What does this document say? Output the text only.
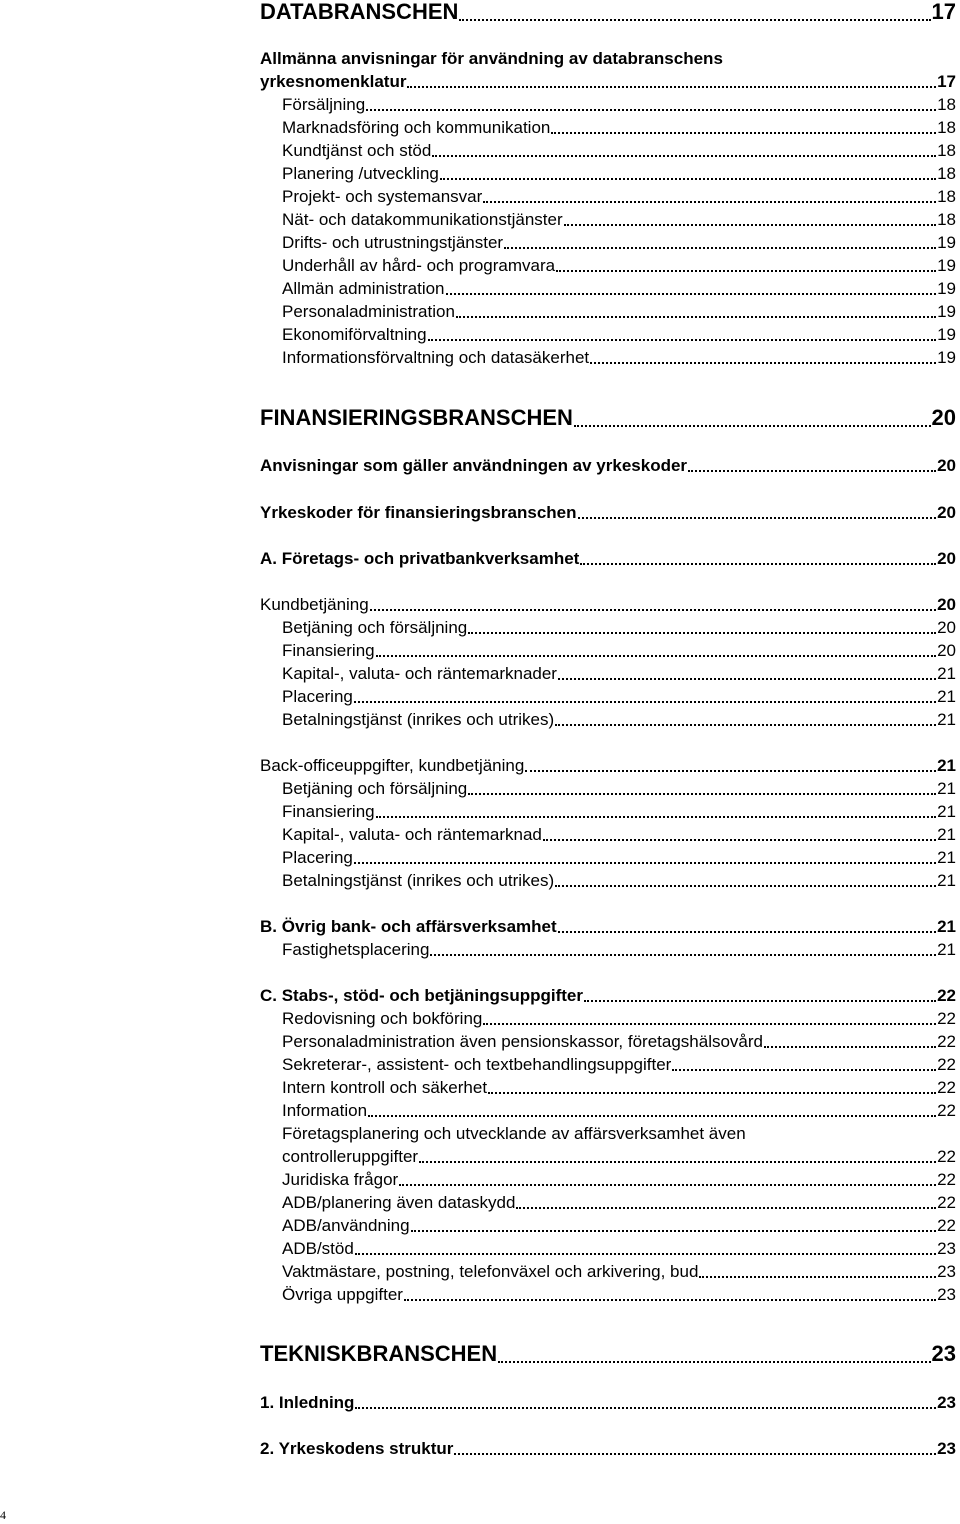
DATABRANSCHEN	17
Allmänna anvisningar för användning av databranschens
yrkesnomenklatur	17
Försäljning	18
Marknadsföring och kommunikation	18
Kundtjänst och stöd	18
Planering /utveckling	18
Projekt- och systemansvar	18
Nät- och datakommunikationstjänster	18
Drifts- och utrustningstjänster	19
Underhåll av hård- och programvara	19
Allmän administration	19
Personaladministration	19
Ekonomiförvaltning	19
Informationsförvaltning och datasäkerhet	19
FINANSIERINGSBRANSCHEN	20
Anvisningar som gäller användningen av yrkeskoder	20
Yrkeskoder för finansieringsbranschen	20
A. Företags- och privatbankverksamhet	20
Kundbetjäning	20
Betjäning och försäljning	20
Finansiering	20
Kapital-, valuta- och räntemarknader	21
Placering	21
Betalningstjänst (inrikes och utrikes)	21
Back-officeuppgifter, kundbetjäning	21
Betjäning och försäljning	21
Finansiering	21
Kapital-, valuta- och räntemarknad	21
Placering	21
Betalningstjänst (inrikes och utrikes)	21
B. Övrig bank- och affärsverksamhet	21
Fastighetsplacering	21
C. Stabs-, stöd- och betjäningsuppgifter	22
Redovisning och bokföring	22
Personaladministration även pensionskassor, företagshälsovård	22
Sekreterar-, assistent- och textbehandlingsuppgifter	22
Intern kontroll och säkerhet	22
Information	22
Företagsplanering och utvecklande av affärsverksamhet även
controlleruppgifter	22
Juridiska frågor	22
ADB/planering även dataskydd	22
ADB/användning	22
ADB/stöd	23
Vaktmästare, postning, telefonväxel och arkivering, bud	23
Övriga uppgifter	23
TEKNISKBRANSCHEN	23
1. Inledning	23
2. Yrkeskodens struktur	23
4
